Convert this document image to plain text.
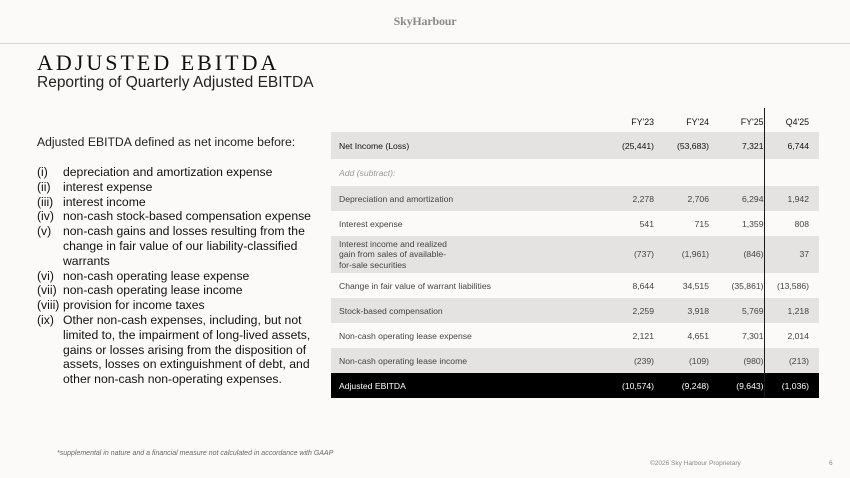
SkyHarbour
ADJUSTED EBITDA
Reporting of Quarterly Adjusted EBITDA
Adjusted EBITDA defined as net income before:
(i)	depreciation and amortization expense
(ii)	interest expense
(iii) interest income
(iv) non-cash stock-based compensation expense
(v) non-cash gains and losses resulting from the change in fair value of our liability-classified warrants
(vi) non-cash operating lease expense
(vii) non-cash operating lease income
(viii) provision for income taxes
(ix) Other non-cash expenses, including, but not limited to, the impairment of long-lived assets, gains or losses arising from the disposition of assets, losses on extinguishment of debt, and other non-cash non-operating expenses.
	FY'23	FY'24	FY'25	Q4'25
Net Income (Loss)	(25,441)	(53,683)	7,321	6,744
Add (subtract):				
Depreciation and amortization	2,278	2,706	6,294	1,942
Interest expense	541	715	1,359	808
Interest income and realized gain from sales of available-for-sale securities	(737)	(1,961)	(846)	37
Change in fair value of warrant liabilities	8,644	34,515	(35,861)	(13,586)
Stock-based compensation	2,259	3,918	5,769	1,218
Non-cash operating lease expense	2,121	4,651	7,301	2,014
Non-cash operating lease income	(239)	(109)	(980)	(213)
Adjusted EBITDA	(10,574)	(9,248)	(9,643)	(1,036)
*supplemental in nature and a financial measure not calculated in accordance with GAAP
©2026 Sky Harbour Proprietary	6
